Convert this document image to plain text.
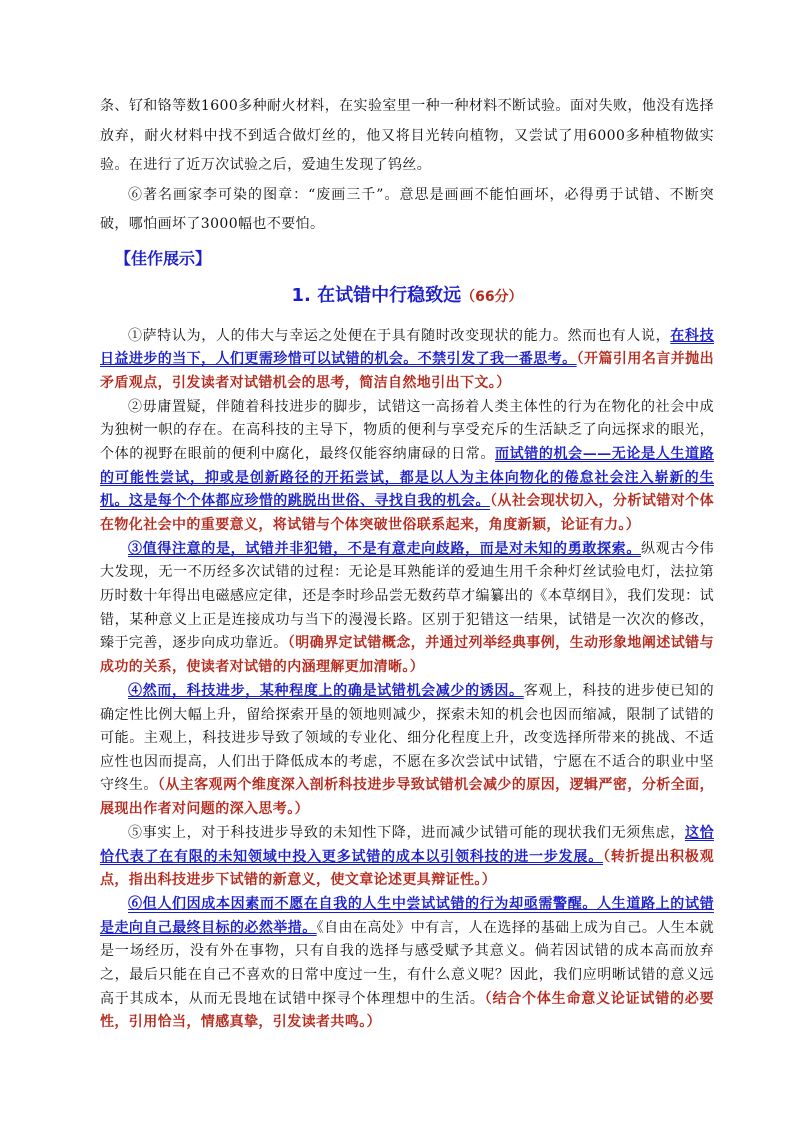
条、钌和铬等数1600多种耐火材料，在实验室里一种一种材料不断试验。面对失败，他没有选择放弃，耐火材料中找不到适合做灯丝的，他又将目光转向植物，又尝试了用6000多种植物做实验。在进行了近万次试验之后，爱迪生发现了钨丝。

⑥著名画家李可染的图章：“废画三千”。意思是画画不能怕画坏，必得勇于试错、不断突破，哪怕画坏了3000幅也不要怕。

【佳作展示】
1. 在试错中行稳致远（66分）

①萨特认为，人的伟大与幸运之处便在于具有随时改变现状的能力。然而也有人说，在科技日益进步的当下，人们更需珍惜可以试错的机会。不禁引发了我一番思考。（开篇引用名言并抛出矛盾观点，引发读者对试错机会的思考，简洁自然地引出下文。）

②毋庸置疑，伴随着科技进步的脚步，试错这一高扬着人类主体性的行为在物化的社会中成为独树一帜的存在。在高科技的主导下，物质的便利与享受充斥的生活缺乏了向远探求的眼光，个体的视野在眼前的便利中腐化，最终仅能容纳庸碌的日常。而试错的机会——无论是人生道路的可能性尝试，抑或是创新路径的开拓尝试，都是以人为主体向物化的倦怠社会注入崭新的生机。这是每个个体都应珍惜的跳脱出世俗、寻找自我的机会。（从社会现状切入，分析试错对个体在物化社会中的重要意义，将试错与个体突破世俗联系起来，角度新颖，论证有力。）

③值得注意的是，试错并非犯错，不是有意走向歧路，而是对未知的勇敢探索。纵观古今伟大发现，无一不历经多次试错的过程：无论是耳熟能详的爱迪生用千余种灯丝试验电灯，法拉第历时数十年得出电磁感应定律，还是李时珍品尝无数药草才编纂出的《本草纲目》，我们发现：试错，某种意义上正是连接成功与当下的漫漫长路。区别于犯错这一结果，试错是一次次的修改，臻于完善，逐步向成功靠近。（明确界定试错概念，并通过列举经典事例，生动形象地阐述试错与成功的关系，使读者对试错的内涵理解更加清晰。）

④然而，科技进步，某种程度上的确是试错机会减少的诱因。客观上，科技的进步使已知的确定性比例大幅上升，留给探索开垦的领地则减少，探索未知的机会也因而缩减，限制了试错的可能。主观上，科技进步导致了领域的专业化、细分化程度上升，改变选择所带来的挑战、不适应性也因而提高，人们出于降低成本的考虑，不愿在多次尝试中试错，宁愿在不适合的职业中坚守终生。（从主客观两个维度深入剖析科技进步导致试错机会减少的原因，逻辑严密，分析全面，展现出作者对问题的深入思考。）

⑤事实上，对于科技进步导致的未知性下降，进而减少试错可能的现状我们无须焦虑，这恰恰代表了在有限的未知领域中投入更多试错的成本以引领科技的进一步发展。（转折提出积极观点，指出科技进步下试错的新意义，使文章论述更具辩证性。）

⑥但人们因成本因素而不愿在自我的人生中尝试试错的行为却亟需警醒。人生道路上的试错是走向自己最终目标的必然举措。《自由在高处》中有言，人在选择的基础上成为自己。人生本就是一场经历，没有外在事物，只有自我的选择与感受赋予其意义。倘若因试错的成本高而放弃之，最后只能在自己不喜欢的日常中度过一生，有什么意义呢？因此，我们应明晰试错的意义远高于其成本，从而无畏地在试错中探寻个体理想中的生活。（结合个体生命意义论证试错的必要性，引用恰当，情感真挚，引发读者共鸣。）
